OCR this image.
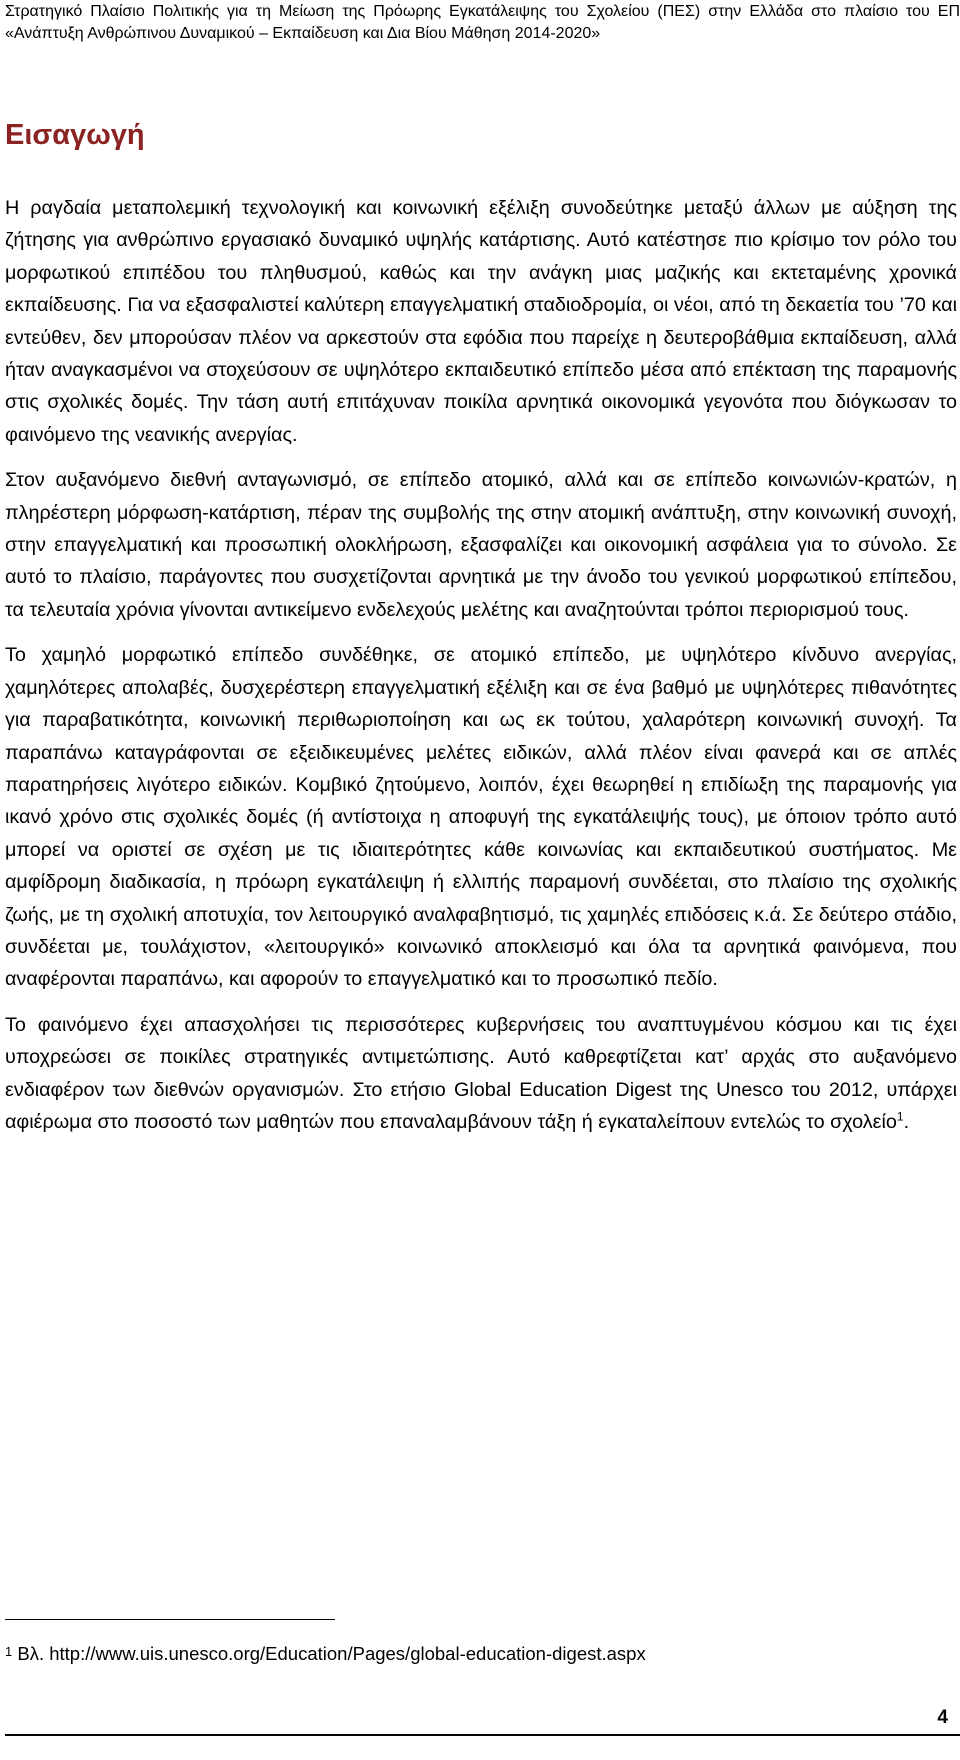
Στρατηγικό Πλαίσιο Πολιτικής για τη Μείωση της Πρόωρης Εγκατάλειψης του Σχολείου (ΠΕΣ) στην Ελλάδα στο πλαίσιο του ΕΠ «Ανάπτυξη Ανθρώπινου Δυναμικού – Εκπαίδευση και Δια Βίου Μάθηση 2014-2020»

Εισαγωγή

Η ραγδαία μεταπολεμική τεχνολογική και κοινωνική εξέλιξη συνοδεύτηκε μεταξύ άλλων με αύξηση της ζήτησης για ανθρώπινο εργασιακό δυναμικό υψηλής κατάρτισης. Αυτό κατέστησε πιο κρίσιμο τον ρόλο του μορφωτικού επιπέδου του πληθυσμού, καθώς και την ανάγκη μιας μαζικής και εκτεταμένης χρονικά εκπαίδευσης. Για να εξασφαλιστεί καλύτερη επαγγελματική σταδιοδρομία, οι νέοι, από τη δεκαετία του ’70 και εντεύθεν, δεν μπορούσαν πλέον να αρκεστούν στα εφόδια που παρείχε η δευτεροβάθμια εκπαίδευση, αλλά ήταν αναγκασμένοι να στοχεύσουν σε υψηλότερο εκπαιδευτικό επίπεδο μέσα από επέκταση της παραμονής στις σχολικές δομές. Την τάση αυτή επιτάχυναν ποικίλα αρνητικά οικονομικά γεγονότα που διόγκωσαν το φαινόμενο της νεανικής ανεργίας.

Στον αυξανόμενο διεθνή ανταγωνισμό, σε επίπεδο ατομικό, αλλά και σε επίπεδο κοινωνιών-κρατών, η πληρέστερη μόρφωση-κατάρτιση, πέραν της συμβολής της στην ατομική ανάπτυξη, στην κοινωνική συνοχή, στην επαγγελματική και προσωπική ολοκλήρωση, εξασφαλίζει και οικονομική ασφάλεια για το σύνολο. Σε αυτό το πλαίσιο, παράγοντες που συσχετίζονται αρνητικά με την άνοδο του γενικού μορφωτικού επίπεδου, τα τελευταία χρόνια γίνονται αντικείμενο ενδελεχούς μελέτης και αναζητούνται τρόποι περιορισμού τους.

Το χαμηλό μορφωτικό επίπεδο συνδέθηκε, σε ατομικό επίπεδο, με υψηλότερο κίνδυνο ανεργίας, χαμηλότερες απολαβές, δυσχερέστερη επαγγελματική εξέλιξη και σε ένα βαθμό με υψηλότερες πιθανότητες για παραβατικότητα, κοινωνική περιθωριοποίηση και ως εκ τούτου, χαλαρότερη κοινωνική συνοχή. Τα παραπάνω καταγράφονται σε εξειδικευμένες μελέτες ειδικών, αλλά πλέον είναι φανερά και σε απλές παρατηρήσεις λιγότερο ειδικών. Κομβικό ζητούμενο, λοιπόν, έχει θεωρηθεί η επιδίωξη της παραμονής για ικανό χρόνο στις σχολικές δομές (ή αντίστοιχα η αποφυγή της εγκατάλειψής τους), με όποιον τρόπο αυτό μπορεί να οριστεί σε σχέση με τις ιδιαιτερότητες κάθε κοινωνίας και εκπαιδευτικού συστήματος. Με αμφίδρομη διαδικασία, η πρόωρη εγκατάλειψη ή ελλιπής παραμονή συνδέεται, στο πλαίσιο της σχολικής ζωής, με τη σχολική αποτυχία, τον λειτουργικό αναλφαβητισμό, τις χαμηλές επιδόσεις κ.ά. Σε δεύτερο στάδιο, συνδέεται με, τουλάχιστον, «λειτουργικό» κοινωνικό αποκλεισμό και όλα τα αρνητικά φαινόμενα, που αναφέρονται παραπάνω, και αφορούν το επαγγελματικό και το προσωπικό πεδίο.

Το φαινόμενο έχει απασχολήσει τις περισσότερες κυβερνήσεις του αναπτυγμένου κόσμου και τις έχει υποχρεώσει σε ποικίλες στρατηγικές αντιμετώπισης. Αυτό καθρεφτίζεται κατ’ αρχάς στο αυξανόμενο ενδιαφέρον των διεθνών οργανισμών. Στο ετήσιο Global Education Digest της Unesco του 2012, υπάρχει αφιέρωμα στο ποσοστό των μαθητών που επαναλαμβάνουν τάξη ή εγκαταλείπουν εντελώς το σχολείο$^1$.

$^1$ Βλ. http://www.uis.unesco.org/Education/Pages/global-education-digest.aspx

4
